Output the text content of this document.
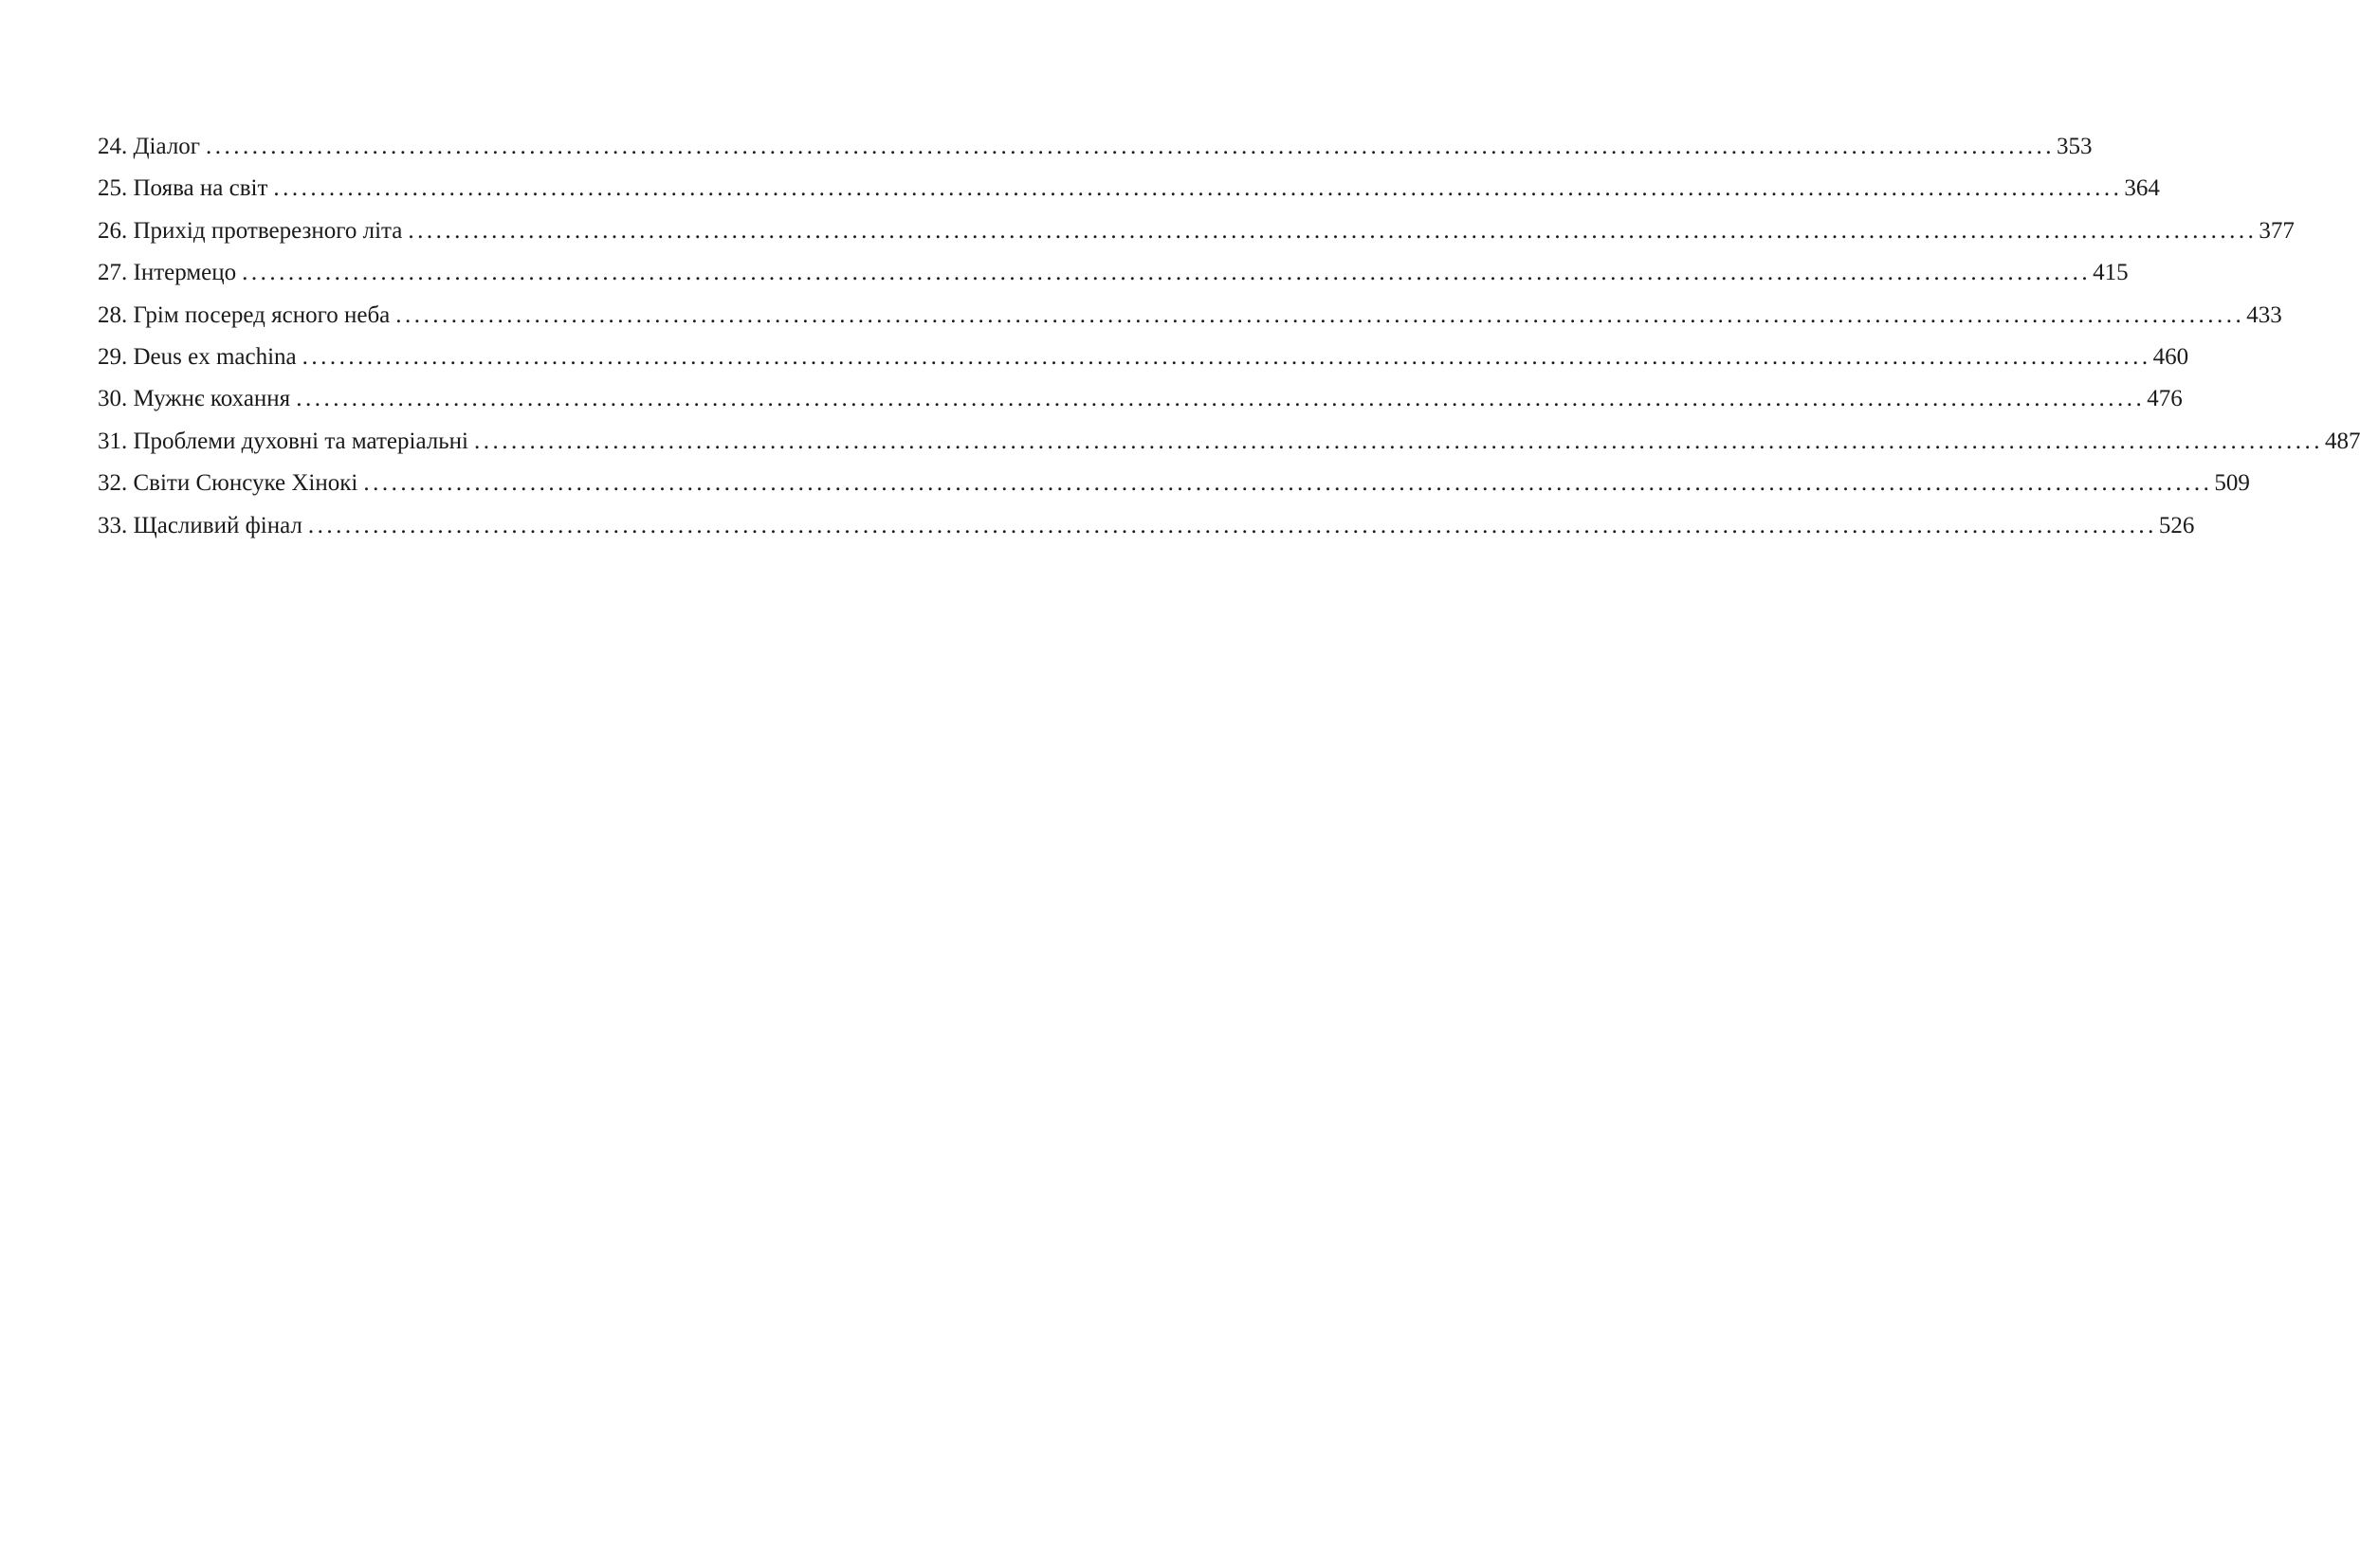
24. Діалог ........................................................................................................................................................................................................ 353
25. Поява на світ ........................................................................................................................................................................................................ 364
26. Прихід протверезного літа ........................................................................................................................................................................................................ 377
27. Інтермецо ........................................................................................................................................................................................................ 415
28. Грім посеред ясного неба ........................................................................................................................................................................................................ 433
29. Deus ex machina ........................................................................................................................................................................................................ 460
30. Мужнє кохання ........................................................................................................................................................................................................ 476
31. Проблеми духовні та матеріальні ........................................................................................................................................................................................................ 487
32. Світи Сюнсуке Хінокі ........................................................................................................................................................................................................ 509
33. Щасливий фінал ........................................................................................................................................................................................................ 526
